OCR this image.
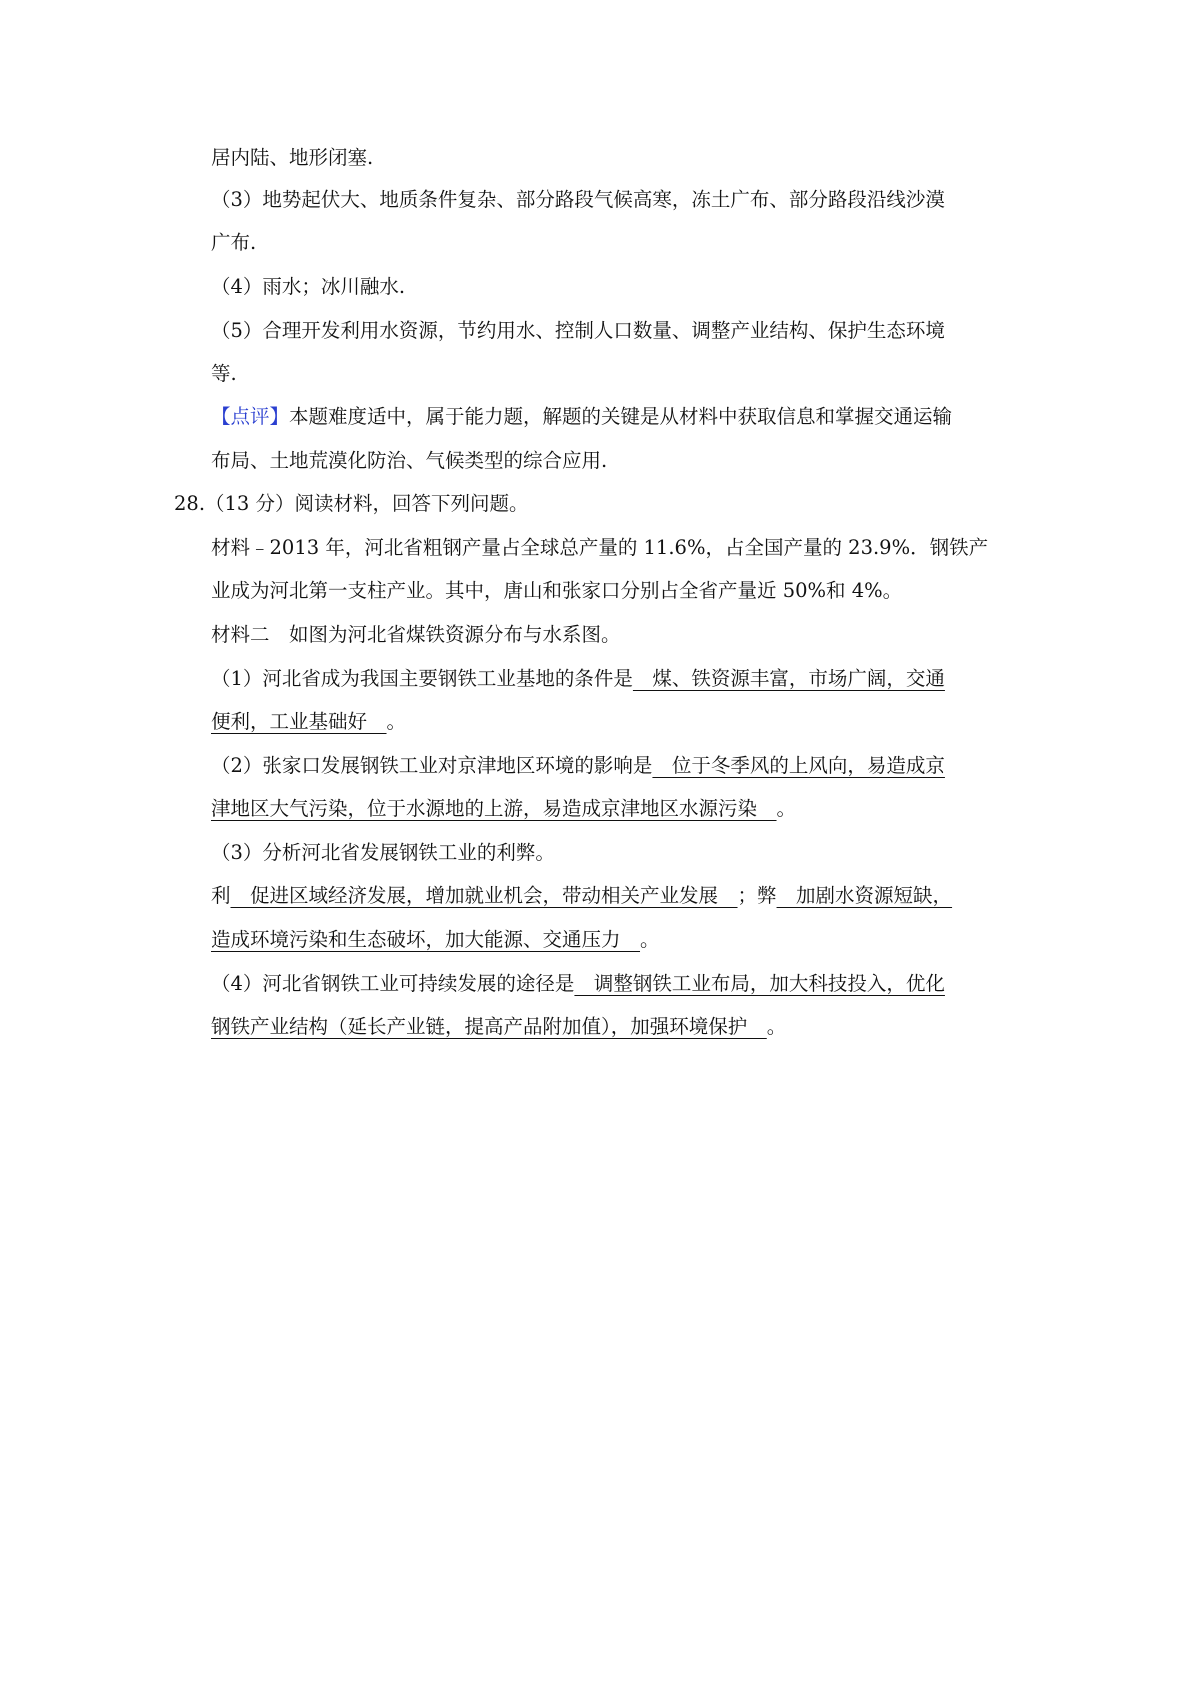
居内陆、地形闭塞.
（3）地势起伏大、地质条件复杂、部分路段气候高寒，冻土广布、部分路段沿线沙漠
广布.
（4）雨水；冰川融水.
（5）合理开发利用水资源，节约用水、控制人口数量、调整产业结构、保护生态环境
等.
【点评】本题难度适中，属于能力题，解题的关键是从材料中获取信息和掌握交通运输
布局、土地荒漠化防治、气候类型的综合应用.
28.（13 分）阅读材料，回答下列问题。
材料﹣2013 年，河北省粗钢产量占全球总产量的 11.6%，占全国产量的 23.9%．钢铁产
业成为河北第一支柱产业。其中，唐山和张家口分别占全省产量近 50%和 4%。
材料二　如图为河北省煤铁资源分布与水系图。
（1）河北省成为我国主要钢铁工业基地的条件是　煤、铁资源丰富，市场广阔，交通
便利，工业基础好　。
（2）张家口发展钢铁工业对京津地区环境的影响是　位于冬季风的上风向，易造成京
津地区大气污染，位于水源地的上游，易造成京津地区水源污染　。
（3）分析河北省发展钢铁工业的利弊。
利　促进区域经济发展，增加就业机会，带动相关产业发展　；弊　加剧水资源短缺，
造成环境污染和生态破坏，加大能源、交通压力　。
（4）河北省钢铁工业可持续发展的途径是　调整钢铁工业布局，加大科技投入，优化
钢铁产业结构（延长产业链，提高产品附加值），加强环境保护　。
